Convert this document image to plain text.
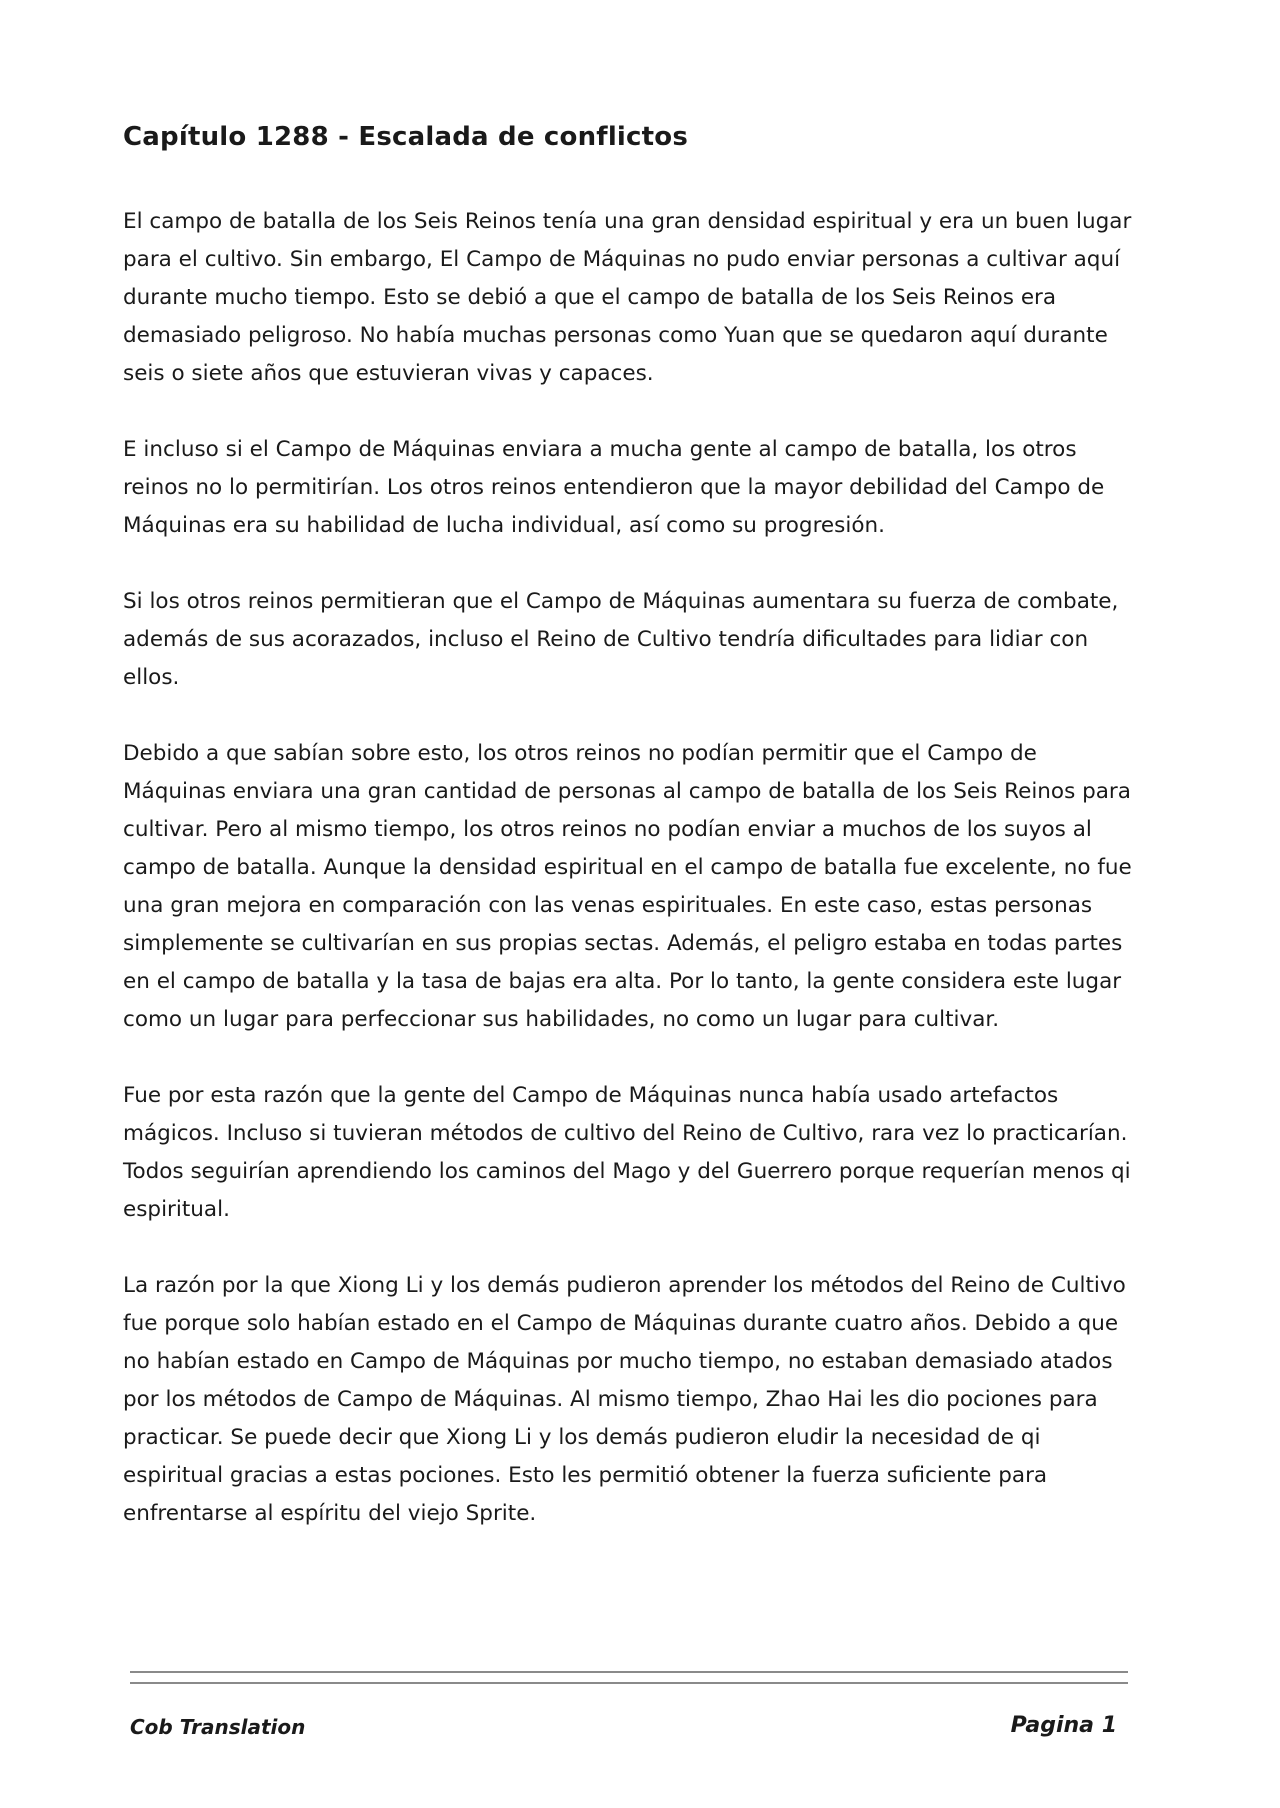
Capítulo 1288 - Escalada de conflictos

El campo de batalla de los Seis Reinos tenía una gran densidad espiritual y era un buen lugar para el cultivo. Sin embargo, El Campo de Máquinas no pudo enviar personas a cultivar aquí durante mucho tiempo. Esto se debió a que el campo de batalla de los Seis Reinos era demasiado peligroso. No había muchas personas como Yuan que se quedaron aquí durante seis o siete años que estuvieran vivas y capaces.

E incluso si el Campo de Máquinas enviara a mucha gente al campo de batalla, los otros reinos no lo permitirían. Los otros reinos entendieron que la mayor debilidad del Campo de Máquinas era su habilidad de lucha individual, así como su progresión.

Si los otros reinos permitieran que el Campo de Máquinas aumentara su fuerza de combate, además de sus acorazados, incluso el Reino de Cultivo tendría dificultades para lidiar con ellos.

Debido a que sabían sobre esto, los otros reinos no podían permitir que el Campo de Máquinas enviara una gran cantidad de personas al campo de batalla de los Seis Reinos para cultivar. Pero al mismo tiempo, los otros reinos no podían enviar a muchos de los suyos al campo de batalla. Aunque la densidad espiritual en el campo de batalla fue excelente, no fue una gran mejora en comparación con las venas espirituales. En este caso, estas personas simplemente se cultivarían en sus propias sectas. Además, el peligro estaba en todas partes en el campo de batalla y la tasa de bajas era alta. Por lo tanto, la gente considera este lugar como un lugar para perfeccionar sus habilidades, no como un lugar para cultivar.

Fue por esta razón que la gente del Campo de Máquinas nunca había usado artefactos mágicos. Incluso si tuvieran métodos de cultivo del Reino de Cultivo, rara vez lo practicarían. Todos seguirían aprendiendo los caminos del Mago y del Guerrero porque requerían menos qi espiritual.

La razón por la que Xiong Li y los demás pudieron aprender los métodos del Reino de Cultivo fue porque solo habían estado en el Campo de Máquinas durante cuatro años. Debido a que no habían estado en Campo de Máquinas por mucho tiempo, no estaban demasiado atados por los métodos de Campo de Máquinas. Al mismo tiempo, Zhao Hai les dio pociones para practicar. Se puede decir que Xiong Li y los demás pudieron eludir la necesidad de qi espiritual gracias a estas pociones. Esto les permitió obtener la fuerza suficiente para enfrentarse al espíritu del viejo Sprite.

Cob Translation	Pagina 1
